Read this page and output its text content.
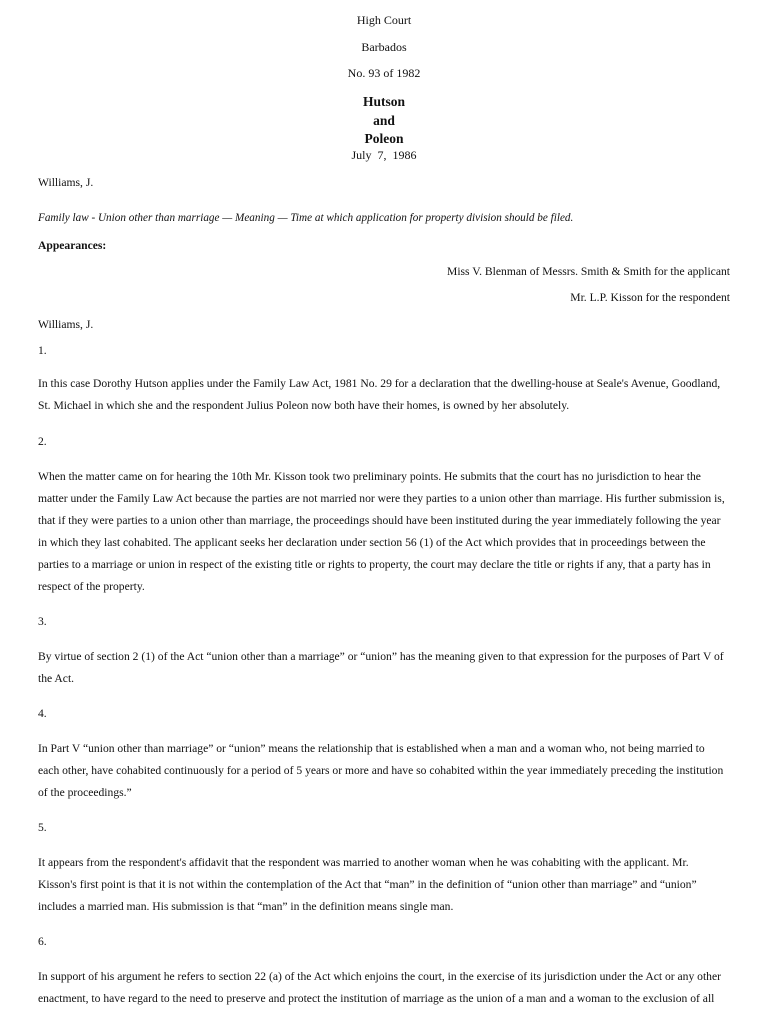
High Court
Barbados
No. 93 of 1982
Hutson
and
Poleon
July  7,  1986
Williams, J.
Family law - Union other than marriage — Meaning — Time at which application for property division should be filed.
Appearances:
Miss V. Blenman of Messrs. Smith & Smith for the applicant
Mr. L.P. Kisson for the respondent
Williams, J.
1.
In this case Dorothy Hutson applies under the Family Law Act, 1981 No. 29 for a declaration that the dwelling-house at Seale's Avenue, Goodland,
St. Michael in which she and the respondent Julius Poleon now both have their homes, is owned by her absolutely.
2.
When the matter came on for hearing the 10th Mr. Kisson took two preliminary points. He submits that the court has no jurisdiction to hear the
matter under the Family Law Act because the parties are not married nor were they parties to a union other than marriage. His further submission is,
that if they were parties to a union other than marriage, the proceedings should have been instituted during the year immediately following the year
in which they last cohabited. The applicant seeks her declaration under section 56 (1) of the Act which provides that in proceedings between the
parties to a marriage or union in respect of the existing title or rights to property, the court may declare the title or rights if any, that a party has in
respect of the property.
3.
By virtue of section 2 (1) of the Act “union other than a marriage” or “union” has the meaning given to that expression for the purposes of Part V of
the Act.
4.
In Part V “union other than marriage” or “union” means the relationship that is established when a man and a woman who, not being married to
each other, have cohabited continuously for a period of 5 years or more and have so cohabited within the year immediately preceding the institution
of the proceedings.”
5.
It appears from the respondent's affidavit that the respondent was married to another woman when he was cohabiting with the applicant. Mr.
Kisson's first point is that it is not within the contemplation of the Act that “man” in the definition of “union other than marriage” and “union”
includes a married man. His submission is that “man” in the definition means single man.
6.
In support of his argument he refers to section 22 (a) of the Act which enjoins the court, in the exercise of its jurisdiction under the Act or any other
enactment, to have regard to the need to preserve and protect the institution of marriage as the union of a man and a woman to the exclusion of all
